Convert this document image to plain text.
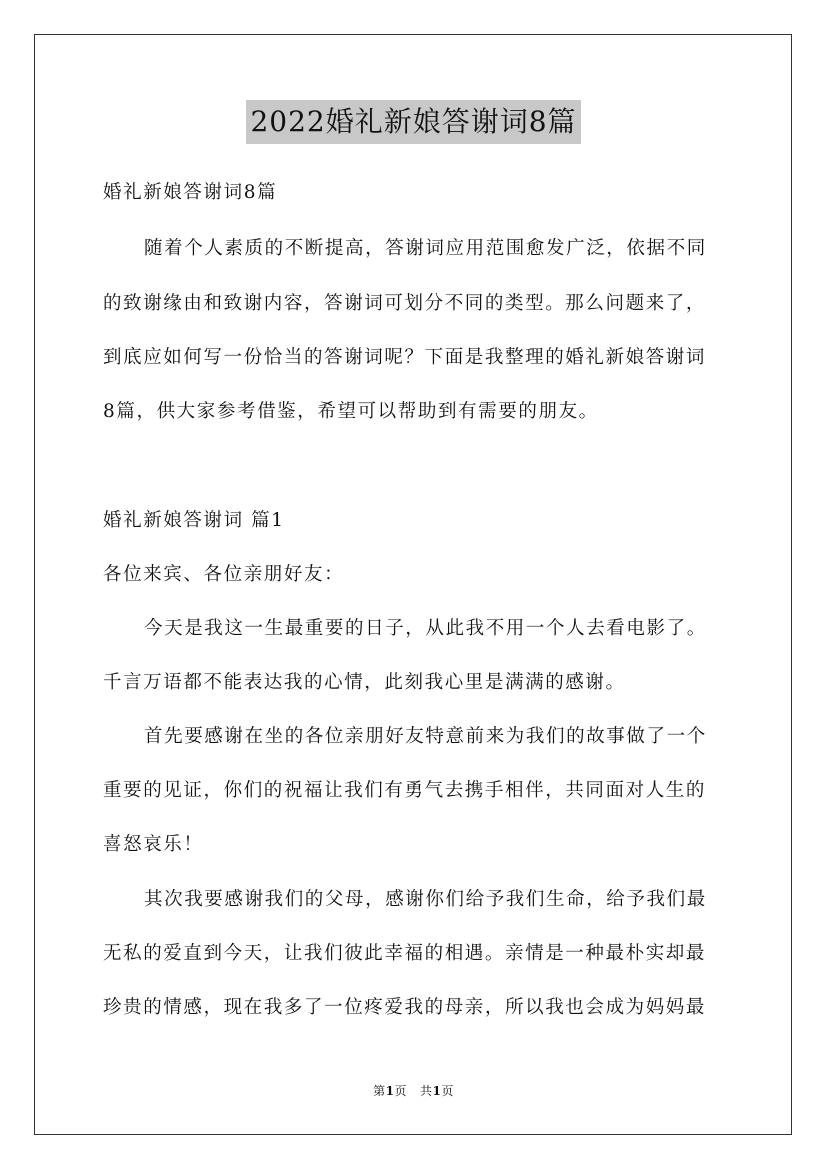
2022婚礼新娘答谢词8篇

婚礼新娘答谢词8篇

随着个人素质的不断提高，答谢词应用范围愈发广泛，依据不同

的致谢缘由和致谢内容，答谢词可划分不同的类型。那么问题来了，

到底应如何写一份恰当的答谢词呢？下面是我整理的婚礼新娘答谢词

8篇，供大家参考借鉴，希望可以帮助到有需要的朋友。

婚礼新娘答谢词 篇1

各位来宾、各位亲朋好友：

今天是我这一生最重要的日子，从此我不用一个人去看电影了。

千言万语都不能表达我的心情，此刻我心里是满满的感谢。

首先要感谢在坐的各位亲朋好友特意前来为我们的故事做了一个

重要的见证，你们的祝福让我们有勇气去携手相伴，共同面对人生的

喜怒哀乐！

其次我要感谢我们的父母，感谢你们给予我们生命，给予我们最

无私的爱直到今天，让我们彼此幸福的相遇。亲情是一种最朴实却最

珍贵的情感，现在我多了一位疼爱我的母亲，所以我也会成为妈妈最

第1页 共1页
